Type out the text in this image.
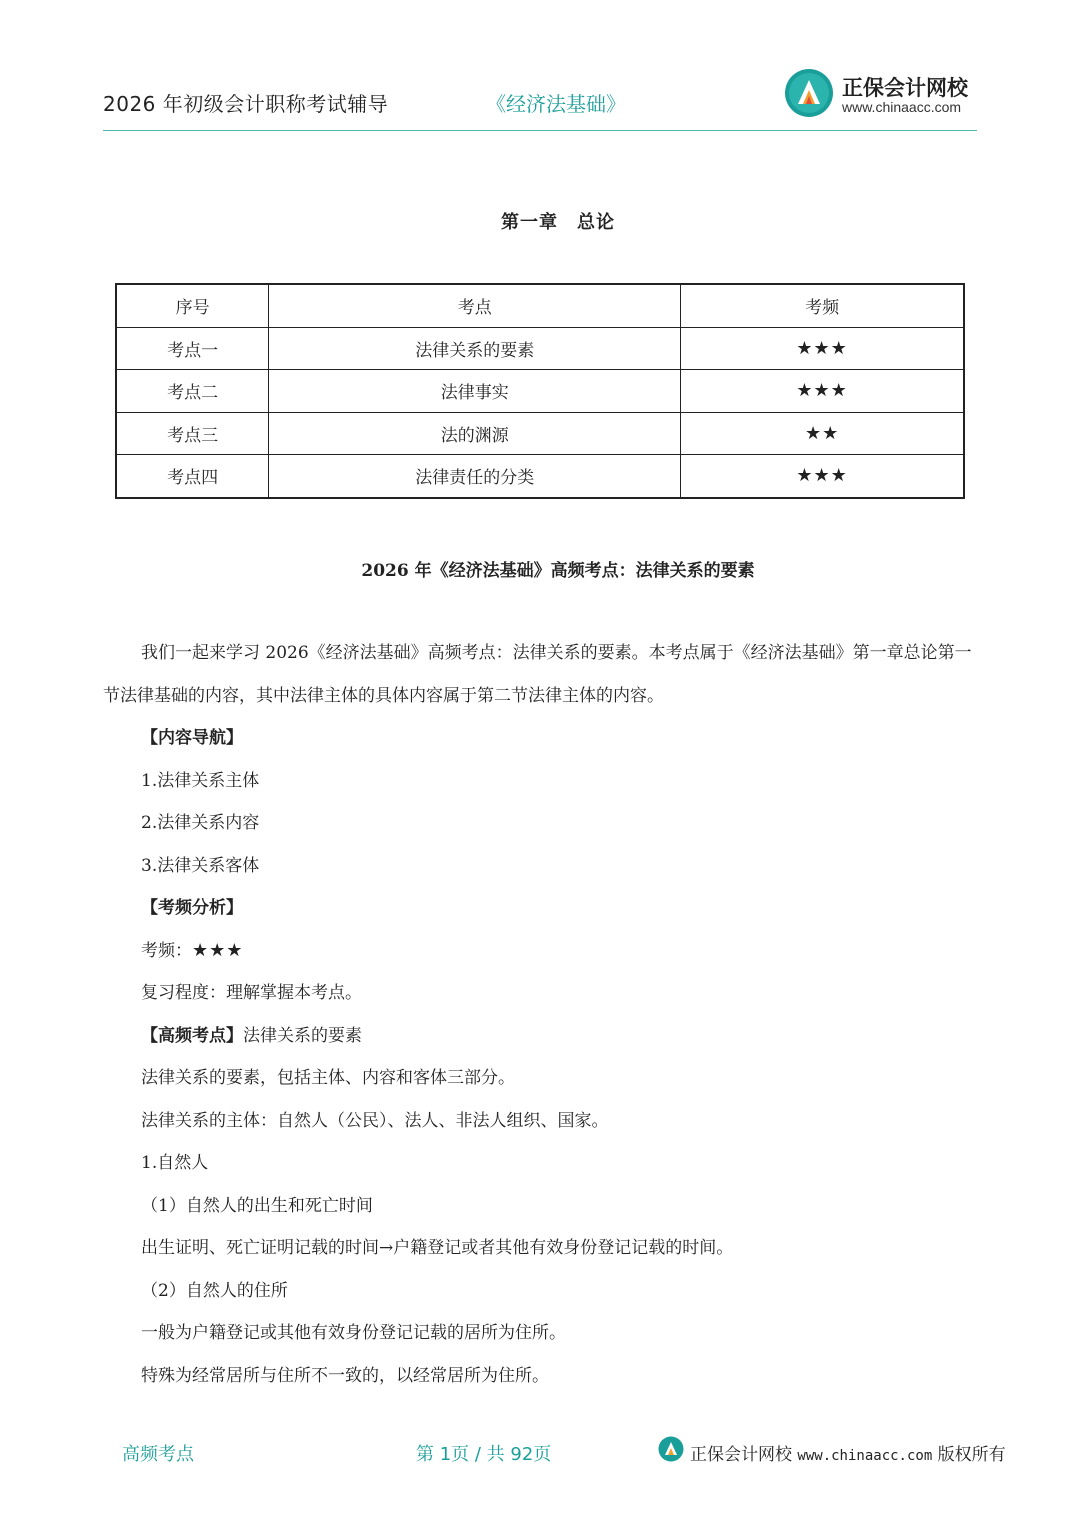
2026 年初级会计职称考试辅导	《经济法基础》
正保会计网校
www.chinaacc.com
第一章　总论
序号	考点	考频
考点一	法律关系的要素	★★★
考点二	法律事实	★★★
考点三	法的渊源	★★
考点四	法律责任的分类	★★★
2026 年《经济法基础》高频考点：法律关系的要素

我们一起来学习 2026《经济法基础》高频考点：法律关系的要素。本考点属于《经济法基础》第一章总论第一节法律基础的内容，其中法律主体的具体内容属于第二节法律主体的内容。

【内容导航】

1.法律关系主体

2.法律关系内容

3.法律关系客体

【考频分析】

考频：★★★

复习程度：理解掌握本考点。

【高频考点】法律关系的要素

法律关系的要素，包括主体、内容和客体三部分。

法律关系的主体：自然人（公民）、法人、非法人组织、国家。

1.自然人

（1）自然人的出生和死亡时间

出生证明、死亡证明记载的时间→户籍登记或者其他有效身份登记记载的时间。

（2）自然人的住所

一般为户籍登记或其他有效身份登记记载的居所为住所。

特殊为经常居所与住所不一致的，以经常居所为住所。

高频考点	第 1页 / 共 92页	正保会计网校 www.chinaacc.com 版权所有
